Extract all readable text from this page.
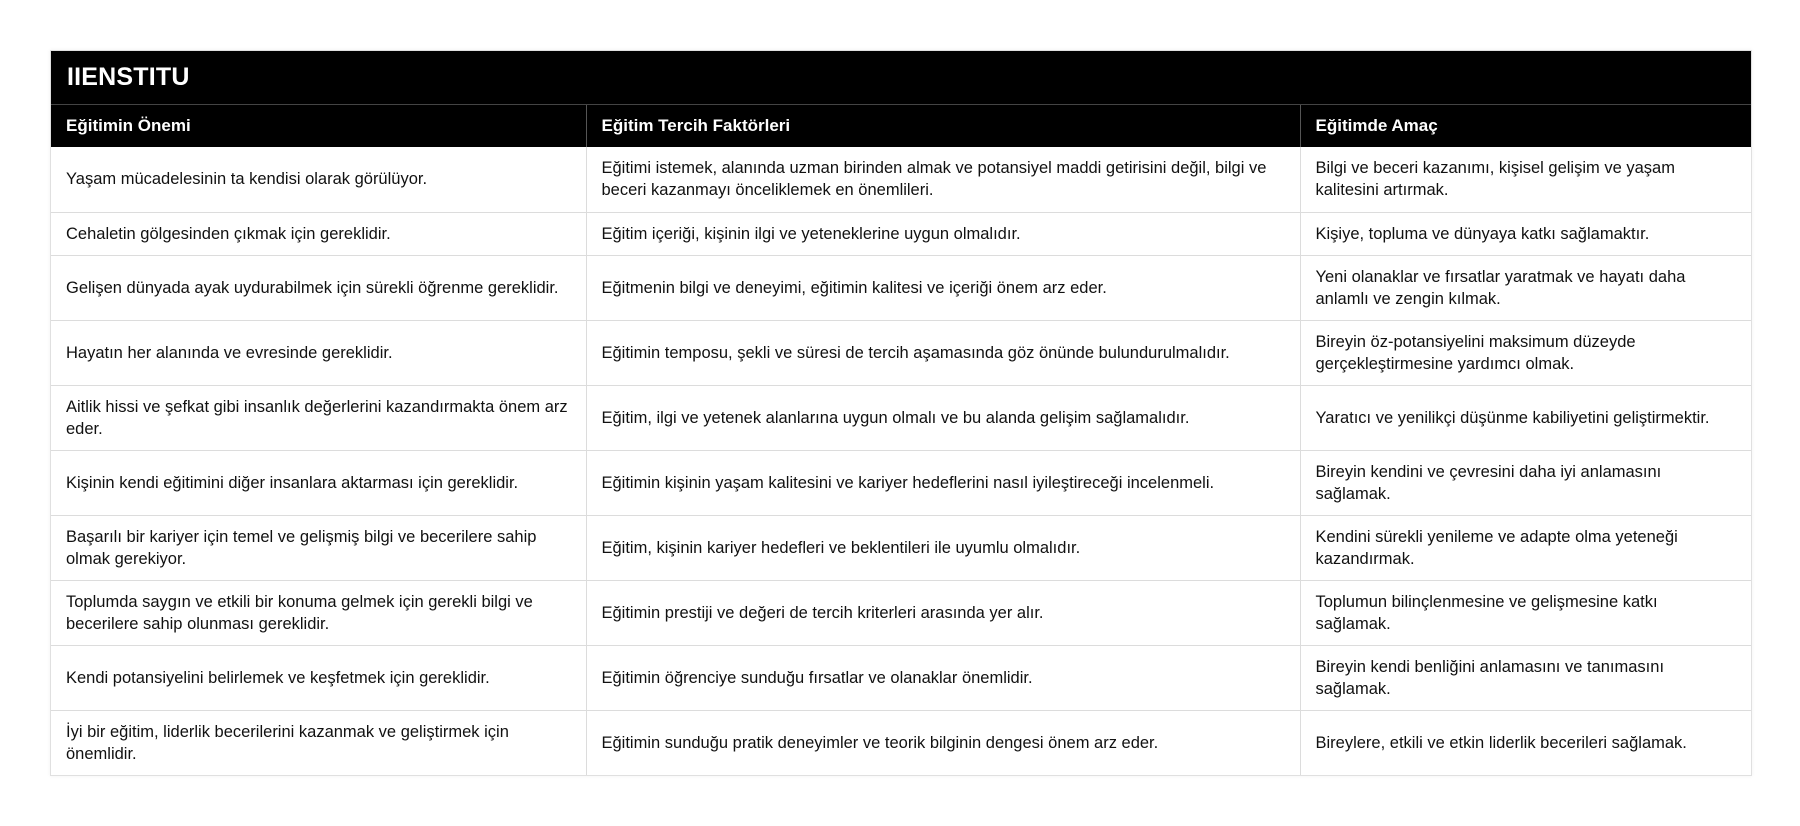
IIENSTITU
Eğitimin Önemi	Eğitim Tercih Faktörleri	Eğitimde Amaç
Yaşam mücadelesinin ta kendisi olarak görülüyor.	Eğitimi istemek, alanında uzman birinden almak ve potansiyel maddi getirisini değil, bilgi ve beceri kazanmayı önceliklemek en önemlileri.	Bilgi ve beceri kazanımı, kişisel gelişim ve yaşam kalitesini artırmak.
Cehaletin gölgesinden çıkmak için gereklidir.	Eğitim içeriği, kişinin ilgi ve yeteneklerine uygun olmalıdır.	Kişiye, topluma ve dünyaya katkı sağlamaktır.
Gelişen dünyada ayak uydurabilmek için sürekli öğrenme gereklidir.	Eğitmenin bilgi ve deneyimi, eğitimin kalitesi ve içeriği önem arz eder.	Yeni olanaklar ve fırsatlar yaratmak ve hayatı daha anlamlı ve zengin kılmak.
Hayatın her alanında ve evresinde gereklidir.	Eğitimin temposu, şekli ve süresi de tercih aşamasında göz önünde bulundurulmalıdır.	Bireyin öz-potansiyelini maksimum düzeyde gerçekleştirmesine yardımcı olmak.
Aitlik hissi ve şefkat gibi insanlık değerlerini kazandırmakta önem arz eder.	Eğitim, ilgi ve yetenek alanlarına uygun olmalı ve bu alanda gelişim sağlamalıdır.	Yaratıcı ve yenilikçi düşünme kabiliyetini geliştirmektir.
Kişinin kendi eğitimini diğer insanlara aktarması için gereklidir.	Eğitimin kişinin yaşam kalitesini ve kariyer hedeflerini nasıl iyileştireceği incelenmeli.	Bireyin kendini ve çevresini daha iyi anlamasını sağlamak.
Başarılı bir kariyer için temel ve gelişmiş bilgi ve becerilere sahip olmak gerekiyor.	Eğitim, kişinin kariyer hedefleri ve beklentileri ile uyumlu olmalıdır.	Kendini sürekli yenileme ve adapte olma yeteneği kazandırmak.
Toplumda saygın ve etkili bir konuma gelmek için gerekli bilgi ve becerilere sahip olunması gereklidir.	Eğitimin prestiji ve değeri de tercih kriterleri arasında yer alır.	Toplumun bilinçlenmesine ve gelişmesine katkı sağlamak.
Kendi potansiyelini belirlemek ve keşfetmek için gereklidir.	Eğitimin öğrenciye sunduğu fırsatlar ve olanaklar önemlidir.	Bireyin kendi benliğini anlamasını ve tanımasını sağlamak.
İyi bir eğitim, liderlik becerilerini kazanmak ve geliştirmek için önemlidir.	Eğitimin sunduğu pratik deneyimler ve teorik bilginin dengesi önem arz eder.	Bireylere, etkili ve etkin liderlik becerileri sağlamak.
